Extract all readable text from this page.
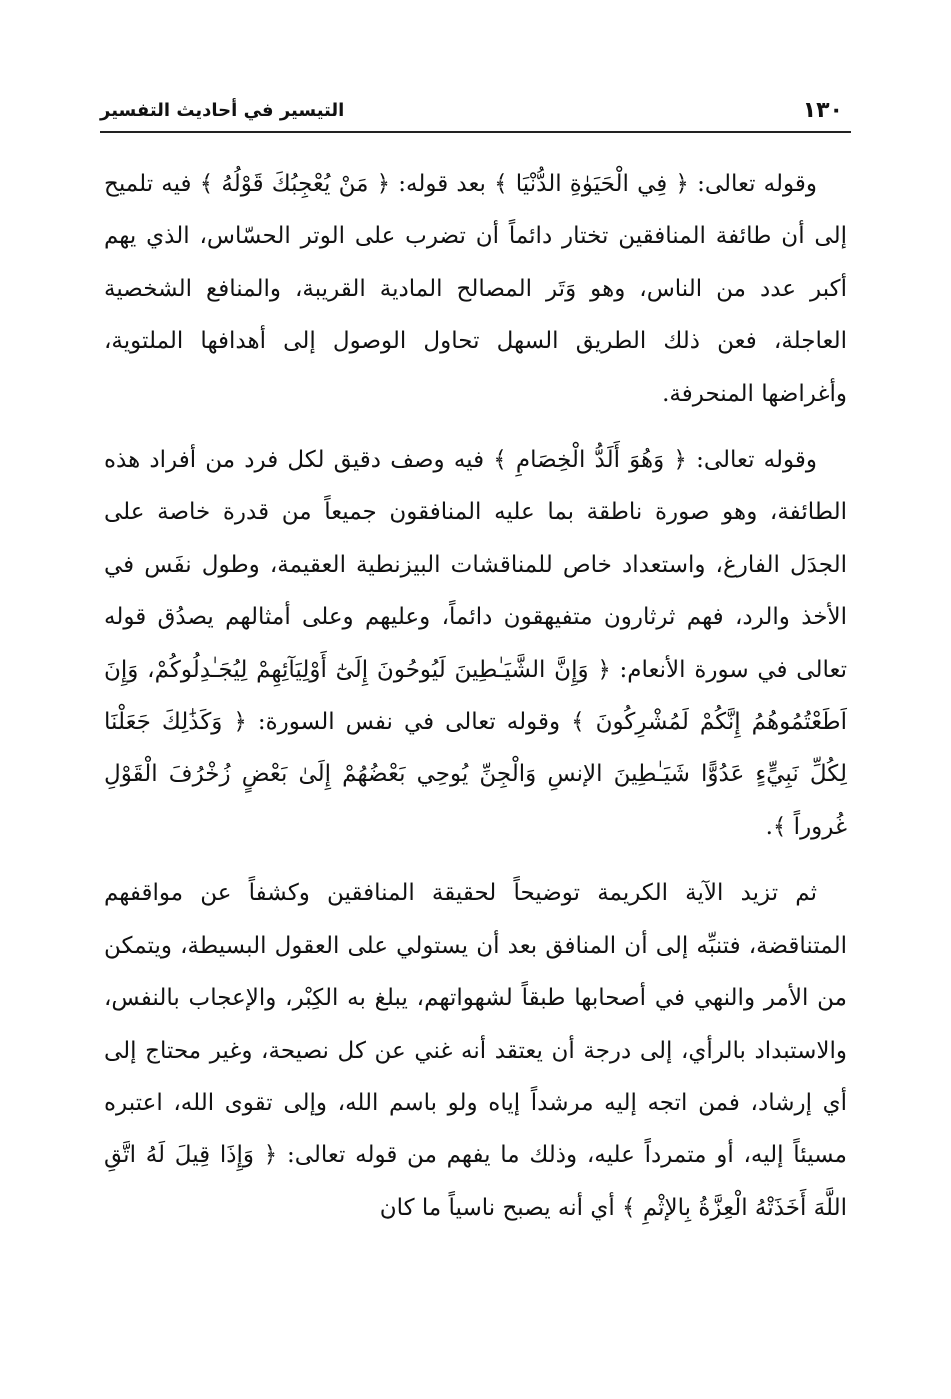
١٣٠
التيسير في أحاديث التفسير

وقوله تعالى: ﴿ فِي الْحَيَوٰةِ الدُّنْيَا ﴾ بعد قوله: ﴿ مَنْ يُعْجِبُكَ قَوْلُهُ ﴾ فيه تلميح إلى أن طائفة المنافقين تختار دائماً أن تضرب على الوتر الحسّاس، الذي يهم أكبر عدد من الناس، وهو وَتَر المصالح المادية القريبة، والمنافع الشخصية العاجلة، فعن ذلك الطريق السهل تحاول الوصول إلى أهدافها الملتوية، وأغراضها المنحرفة.

وقوله تعالى: ﴿ وَهُوَ أَلَدُّ الْخِصَامِ ﴾ فيه وصف دقيق لكل فرد من أفراد هذه الطائفة، وهو صورة ناطقة بما عليه المنافقون جميعاً من قدرة خاصة على الجدَل الفارغ، واستعداد خاص للمناقشات البيزنطية العقيمة، وطول نفَس في الأخذ والرد، فهم ثرثارون متفيهقون دائماً، وعليهم وعلى أمثالهم يصدُق قوله تعالى في سورة الأنعام: ﴿ وَإِنَّ الشَّيَـٰطِينَ لَيُوحُونَ إِلَىٰٓ أَوْلِيَآئِهِمْ لِيُجَـٰدِلُوكُمْ، وَإِنَ اَطَعْتُمُوهُمُ إِنَّكُمْ لَمُشْرِكُونَ ﴾ وقوله تعالى في نفس السورة: ﴿ وَكَذَٰلِكَ جَعَلْنَا لِكُلِّ نَبِيٍّءٍ عَدُوًّا شَيَـٰطِينَ الإنسِ وَالْجِنِّ يُوحِي بَعْضُهُمْ إِلَىٰ بَعْضٍ زُخْرُفَ الْقَوْلِ غُروراً ﴾.

ثم تزيد الآية الكريمة توضيحاً لحقيقة المنافقين وكشفاً عن مواقفهم المتناقضة، فتنبِّه إلى أن المنافق بعد أن يستولي على العقول البسيطة، ويتمكن من الأمر والنهي في أصحابها طبقاً لشهواتهم، يبلغ به الكِبْر، والإعجاب بالنفس، والاستبداد بالرأي، إلى درجة أن يعتقد أنه غني عن كل نصيحة، وغير محتاج إلى أي إرشاد، فمن اتجه إليه مرشداً إياه ولو باسم الله، وإلى تقوى الله، اعتبره مسيئاً إليه، أو متمرداً عليه، وذلك ما يفهم من قوله تعالى: ﴿ وَإِذَا قِيلَ لَهُ اتَّقِ اللَّهَ أَخَذَتْهُ الْعِزَّةُ بِالإثْمِ ﴾ أي أنه يصبح ناسياً ما كان
